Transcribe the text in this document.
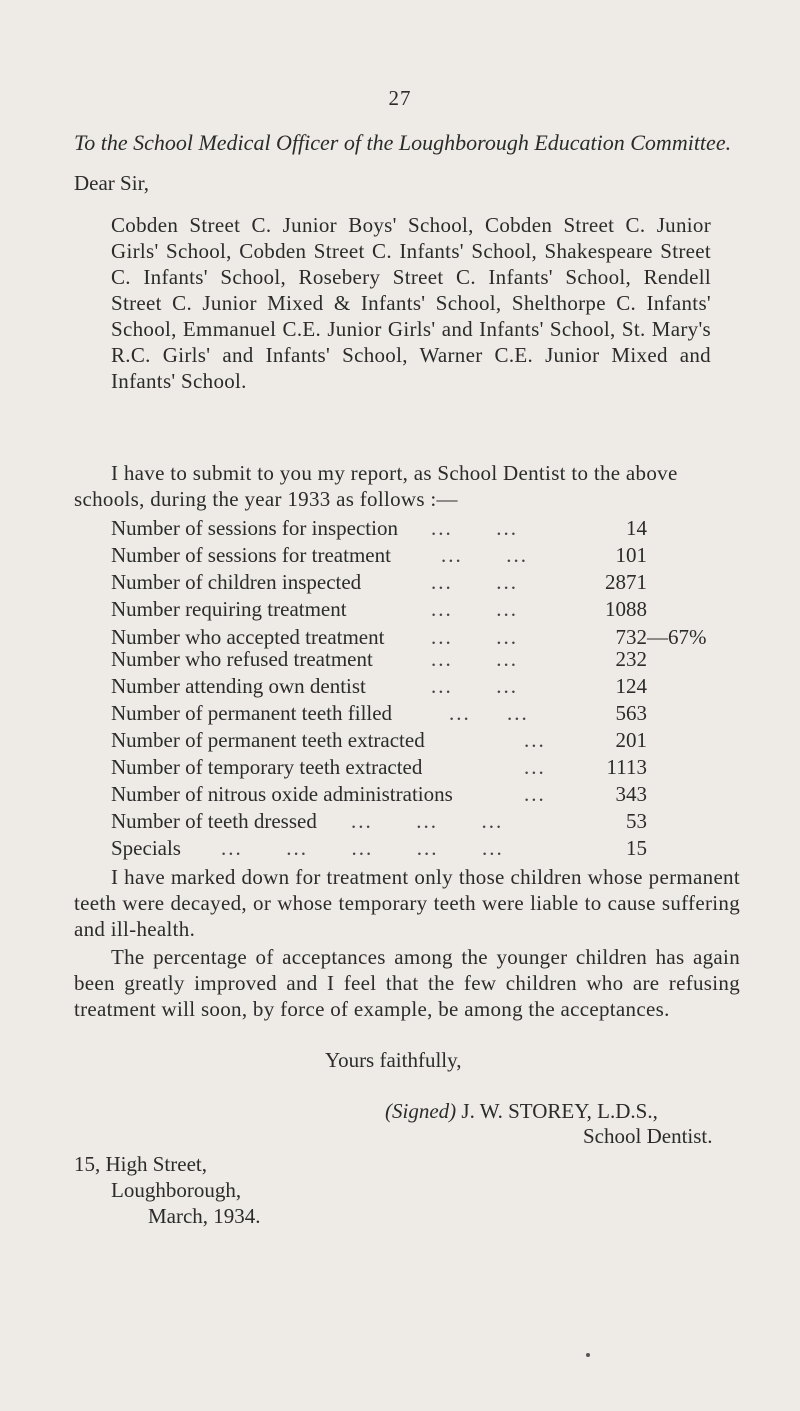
27
To the School Medical Officer of the Loughborough Education Committee.
Dear Sir,
Cobden Street C. Junior Boys' School, Cobden Street C. Junior Girls' School, Cobden Street C. Infants' School, Shakespeare Street C. Infants' School, Rosebery Street C. Infants' School, Rendell Street C. Junior Mixed & Infants' School, Shelthorpe C. Infants' School, Emmanuel C.E. Junior Girls' and Infants' School, St. Mary's R.C. Girls' and Infants' School, Warner C.E. Junior Mixed and Infants' School.
I have to submit to you my report, as School Dentist to the above schools, during the year 1933 as follows :—
Number of sessions for inspection ...      ...	14
Number of sessions for treatment ...      ...	101
Number of children inspected	...      ...	2871
Number requiring treatment	...      ...	1088
Number who accepted treatment ...      ...	732 —67%
Number who refused treatment	...      ...	232
Number attending own dentist	...      ...	124
Number of permanent teeth filled	...     ...	563
Number of permanent teeth extracted	...	201
Number of temporary teeth extracted	...	1113
Number of nitrous oxide administrations	...	343
Number of teeth dressed ...      ...      ...	53
Specials ...      ...      ...      ...      ...	15
I have marked down for treatment only those children whose permanent teeth were decayed, or whose temporary teeth were liable to cause suffering and ill-health.
The percentage of acceptances among the younger children has again been greatly improved and I feel that the few children who are refusing treatment will soon, by force of example, be among the acceptances.
Yours faithfully,
(Signed) J. W. STOREY, L.D.S.,
School Dentist.
15, High Street,
Loughborough,
March, 1934.
